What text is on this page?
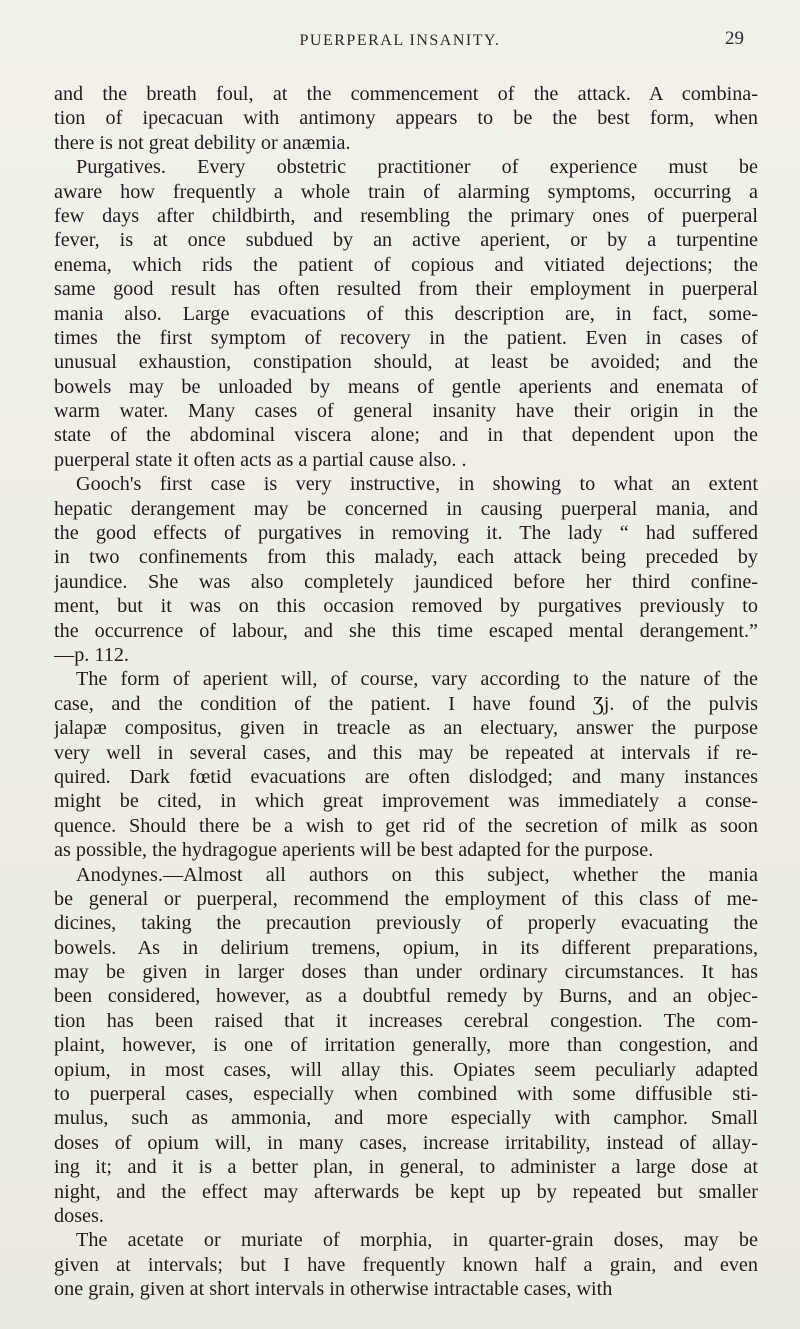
PUERPERAL INSANITY.	29
and the breath foul, at the commencement of the attack. A combina-
tion of ipecacuan with antimony appears to be the best form, when
there is not great debility or anæmia.
Purgatives. Every obstetric practitioner of experience must be
aware how frequently a whole train of alarming symptoms, occurring a
few days after childbirth, and resembling the primary ones of puerperal
fever, is at once subdued by an active aperient, or by a turpentine
enema, which rids the patient of copious and vitiated dejections; the
same good result has often resulted from their employment in puerperal
mania also. Large evacuations of this description are, in fact, some-
times the first symptom of recovery in the patient. Even in cases of
unusual exhaustion, constipation should, at least be avoided; and the
bowels may be unloaded by means of gentle aperients and enemata of
warm water. Many cases of general insanity have their origin in the
state of the abdominal viscera alone; and in that dependent upon the
puerperal state it often acts as a partial cause also. .
Gooch's first case is very instructive, in showing to what an extent
hepatic derangement may be concerned in causing puerperal mania, and
the good effects of purgatives in removing it. The lady “ had suffered
in two confinements from this malady, each attack being preceded by
jaundice. She was also completely jaundiced before her third confine-
ment, but it was on this occasion removed by purgatives previously to
the occurrence of labour, and she this time escaped mental derangement.”
—p. 112.
The form of aperient will, of course, vary according to the nature of the
case, and the condition of the patient. I have found Ʒj. of the pulvis
jalapæ compositus, given in treacle as an electuary, answer the purpose
very well in several cases, and this may be repeated at intervals if re-
quired. Dark fœtid evacuations are often dislodged; and many instances
might be cited, in which great improvement was immediately a conse-
quence. Should there be a wish to get rid of the secretion of milk as soon
as possible, the hydragogue aperients will be best adapted for the purpose.
Anodynes.—Almost all authors on this subject, whether the mania
be general or puerperal, recommend the employment of this class of me-
dicines, taking the precaution previously of properly evacuating the
bowels. As in delirium tremens, opium, in its different preparations,
may be given in larger doses than under ordinary circumstances. It has
been considered, however, as a doubtful remedy by Burns, and an objec-
tion has been raised that it increases cerebral congestion. The com-
plaint, however, is one of irritation generally, more than congestion, and
opium, in most cases, will allay this. Opiates seem peculiarly adapted
to puerperal cases, especially when combined with some diffusible sti-
mulus, such as ammonia, and more especially with camphor. Small
doses of opium will, in many cases, increase irritability, instead of allay-
ing it; and it is a better plan, in general, to administer a large dose at
night, and the effect may afterwards be kept up by repeated but smaller
doses.
The acetate or muriate of morphia, in quarter-grain doses, may be
given at intervals; but I have frequently known half a grain, and even
one grain, given at short intervals in otherwise intractable cases, with
